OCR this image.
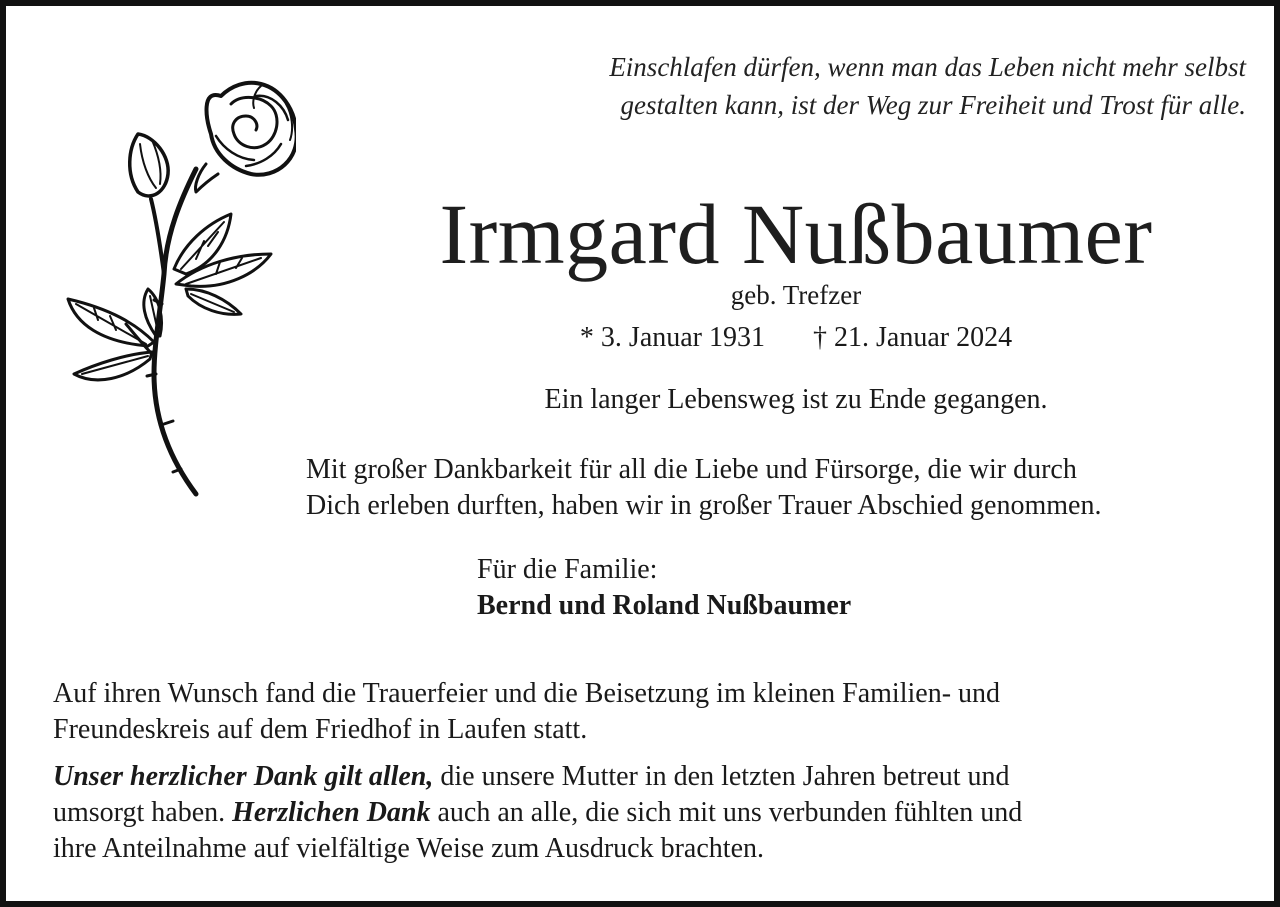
Einschlafen dürfen, wenn man das Leben nicht mehr selbst
gestalten kann, ist der Weg zur Freiheit und Trost für alle.
Irmgard Nußbaumer
geb. Trefzer
* 3. Januar 1931 † 21. Januar 2024
Ein langer Lebensweg ist zu Ende gegangen.
Mit großer Dankbarkeit für all die Liebe und Fürsorge, die wir durch
Dich erleben durften, haben wir in großer Trauer Abschied genommen.
Für die Familie:
Bernd und Roland Nußbaumer
Auf ihren Wunsch fand die Trauerfeier und die Beisetzung im kleinen Familien- und
Freundeskreis auf dem Friedhof in Laufen statt.
Unser herzlicher Dank gilt allen, die unsere Mutter in den letzten Jahren betreut und
umsorgt haben. Herzlichen Dank auch an alle, die sich mit uns verbunden fühlten und
ihre Anteilnahme auf vielfältige Weise zum Ausdruck brachten.
